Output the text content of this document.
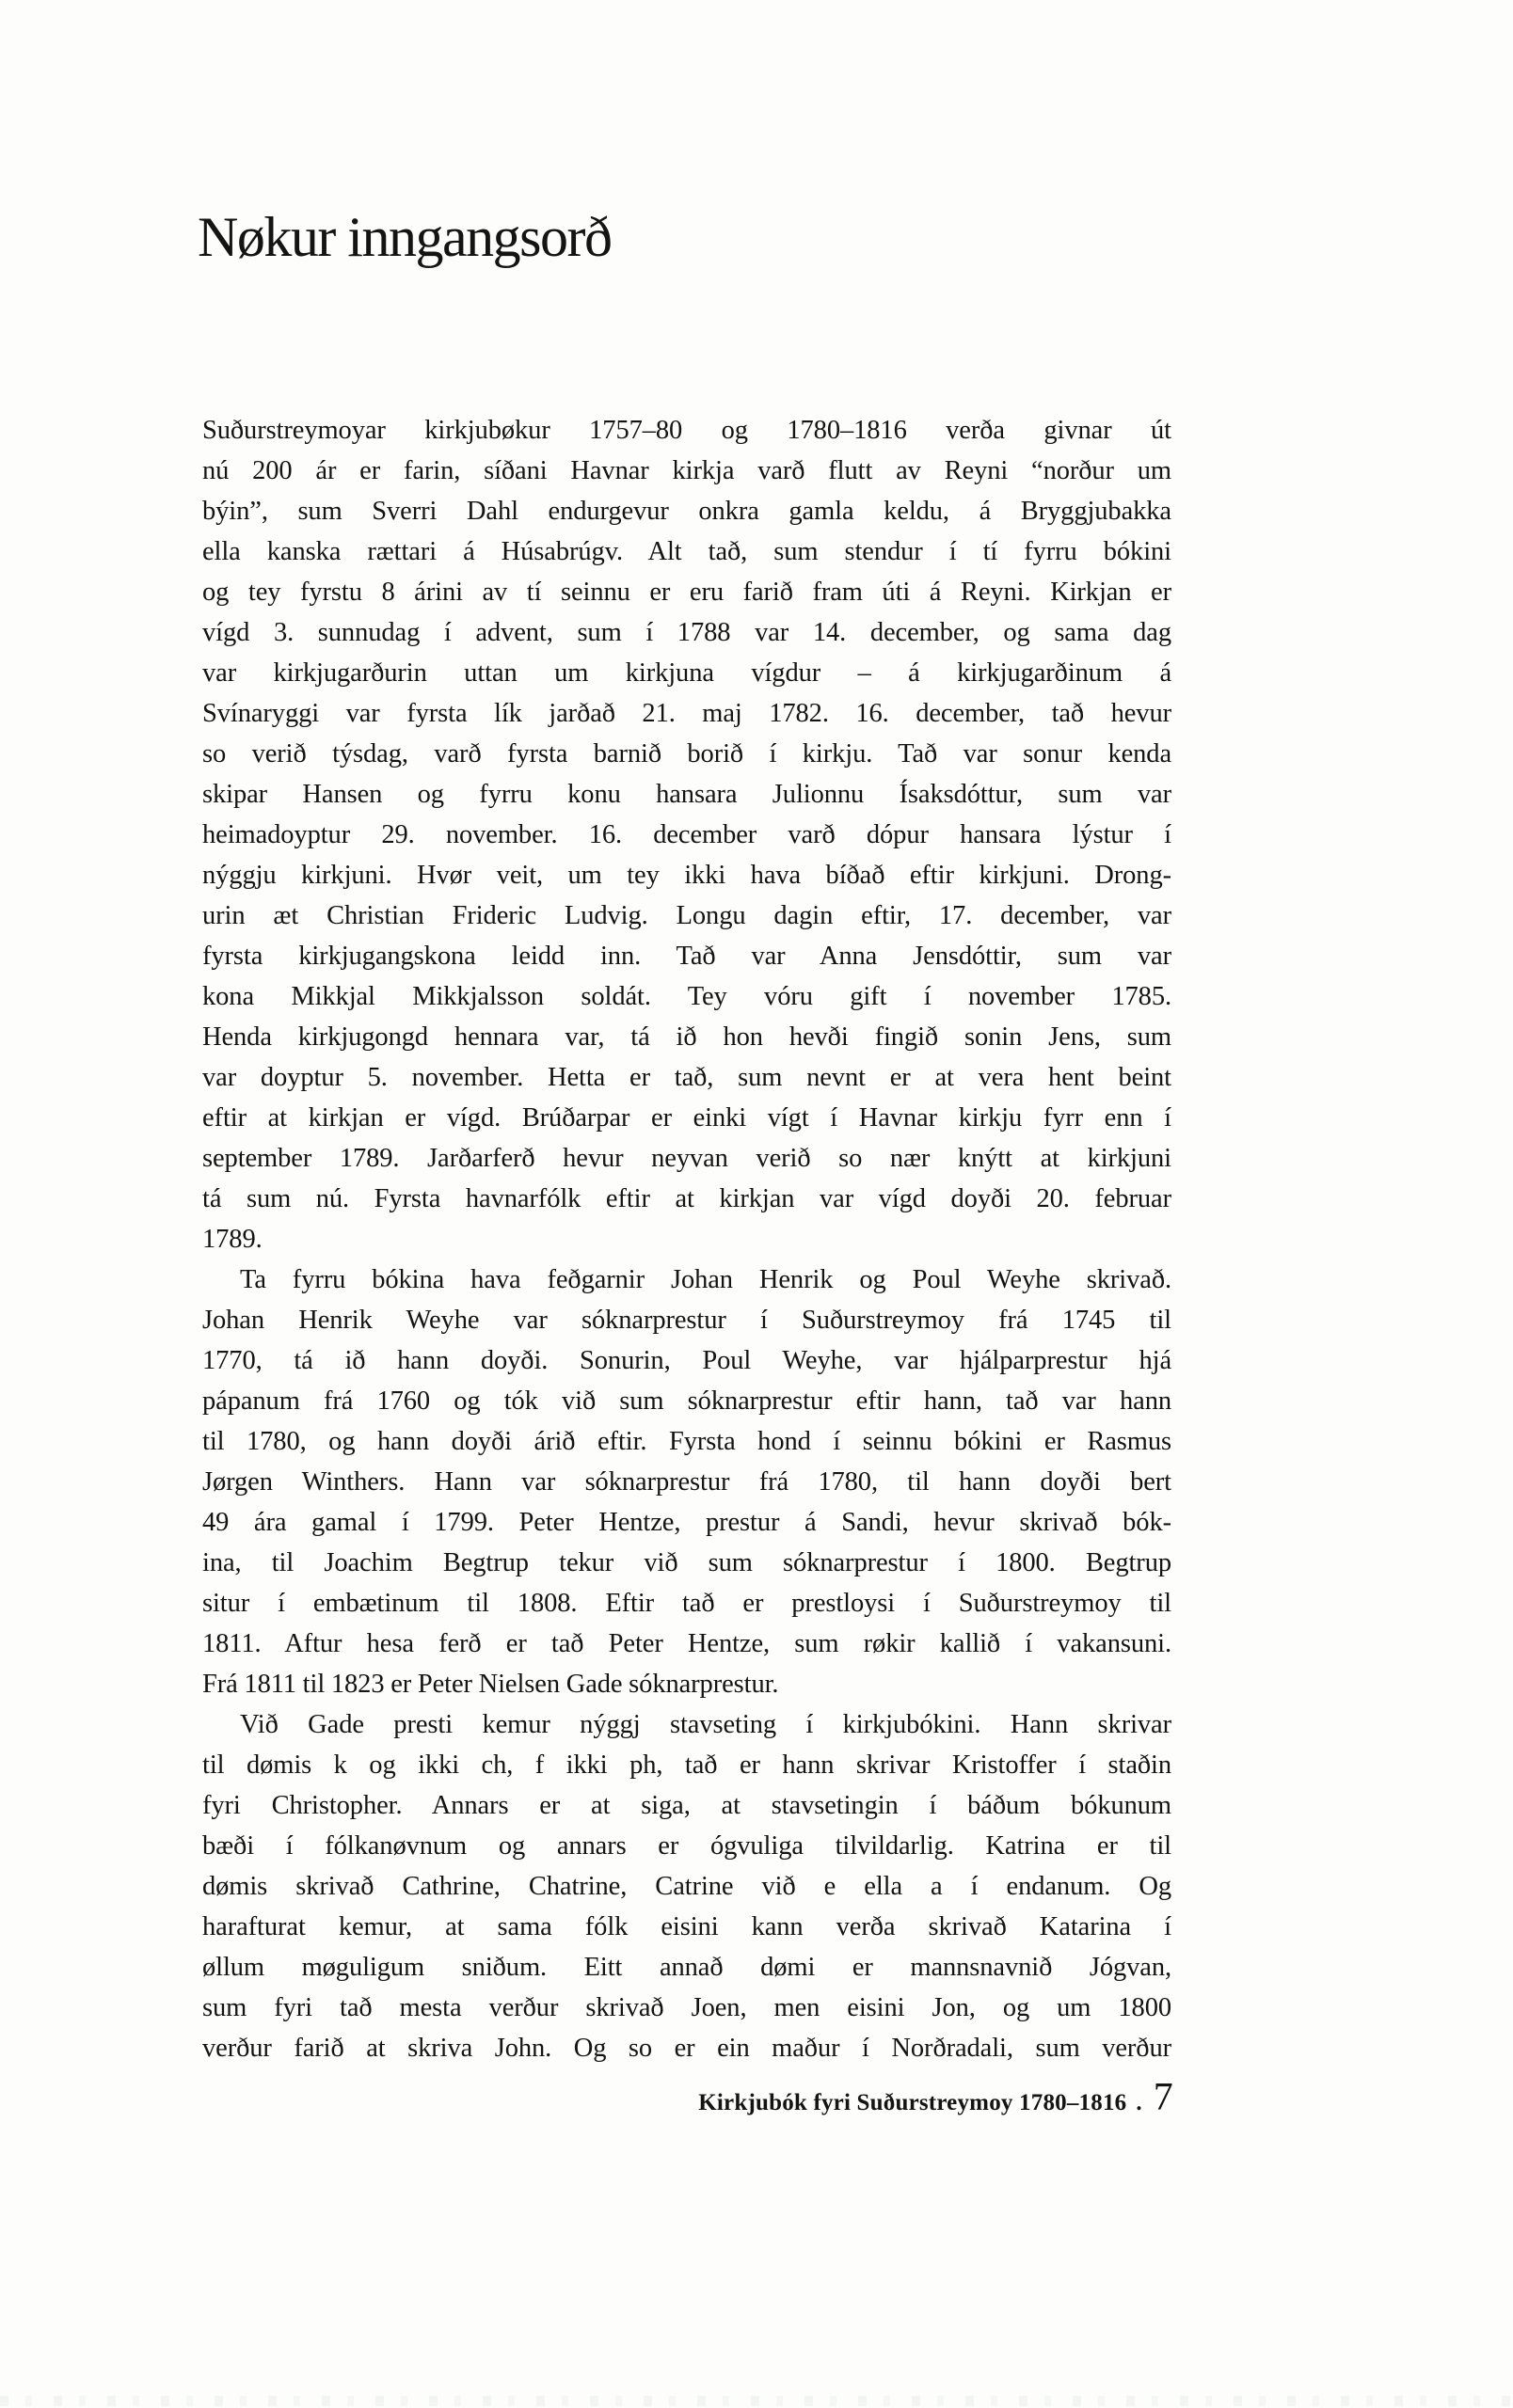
Nøkur inngangsorð
Suðurstreymoyar kirkjubøkur 1757–80 og 1780–1816 verða givnar út
nú 200 ár er farin, síðani Havnar kirkja varð flutt av Reyni “norður um
býin”, sum Sverri Dahl endurgevur onkra gamla keldu, á Bryggjubakka
ella kanska rættari á Húsabrúgv. Alt tað, sum stendur í tí fyrru bókini
og tey fyrstu 8 árini av tí seinnu er eru farið fram úti á Reyni. Kirkjan er
vígd 3. sunnudag í advent, sum í 1788 var 14. december, og sama dag
var kirkjugarðurin uttan um kirkjuna vígdur – á kirkjugarðinum á
Svínaryggi var fyrsta lík jarðað 21. maj 1782. 16. december, tað hevur
so verið týsdag, varð fyrsta barnið borið í kirkju. Tað var sonur kenda
skipar Hansen og fyrru konu hansara Julionnu Ísaksdóttur, sum var
heimadoyptur 29. november. 16. december varð dópur hansara lýstur í
nýggju kirkjuni. Hvør veit, um tey ikki hava bíðað eftir kirkjuni. Drong-
urin æt Christian Frideric Ludvig. Longu dagin eftir, 17. december, var
fyrsta kirkjugangskona leidd inn. Tað var Anna Jensdóttir, sum var
kona Mikkjal Mikkjalsson soldát. Tey vóru gift í november 1785.
Henda kirkjugongd hennara var, tá ið hon hevði fingið sonin Jens, sum
var doyptur 5. november. Hetta er tað, sum nevnt er at vera hent beint
eftir at kirkjan er vígd. Brúðarpar er einki vígt í Havnar kirkju fyrr enn í
september 1789. Jarðarferð hevur neyvan verið so nær knýtt at kirkjuni
tá sum nú. Fyrsta havnarfólk eftir at kirkjan var vígd doyði 20. februar
1789.
Ta fyrru bókina hava feðgarnir Johan Henrik og Poul Weyhe skrivað.
Johan Henrik Weyhe var sóknarprestur í Suðurstreymoy frá 1745 til
1770, tá ið hann doyði. Sonurin, Poul Weyhe, var hjálparprestur hjá
pápanum frá 1760 og tók við sum sóknarprestur eftir hann, tað var hann
til 1780, og hann doyði árið eftir. Fyrsta hond í seinnu bókini er Rasmus
Jørgen Winthers. Hann var sóknarprestur frá 1780, til hann doyði bert
49 ára gamal í 1799. Peter Hentze, prestur á Sandi, hevur skrivað bók-
ina, til Joachim Begtrup tekur við sum sóknarprestur í 1800. Begtrup
situr í embætinum til 1808. Eftir tað er prestloysi í Suðurstreymoy til
1811. Aftur hesa ferð er tað Peter Hentze, sum røkir kallið í vakansuni.
Frá 1811 til 1823 er Peter Nielsen Gade sóknarprestur.
Við Gade presti kemur nýggj stavseting í kirkjubókini. Hann skrivar
til dømis k og ikki ch, f ikki ph, tað er hann skrivar Kristoffer í staðin
fyri Christopher. Annars er at siga, at stavsetingin í báðum bókunum
bæði í fólkanøvnum og annars er ógvuliga tilvildarlig. Katrina er til
dømis skrivað Cathrine, Chatrine, Catrine við e ella a í endanum. Og
harafturat kemur, at sama fólk eisini kann verða skrivað Katarina í
øllum møguligum sniðum. Eitt annað dømi er mannsnavnið Jógvan,
sum fyri tað mesta verður skrivað Joen, men eisini Jon, og um 1800
verður farið at skriva John. Og so er ein maður í Norðradali, sum verður
Kirkjubók fyri Suðurstreymoy 1780–1816 . 7
